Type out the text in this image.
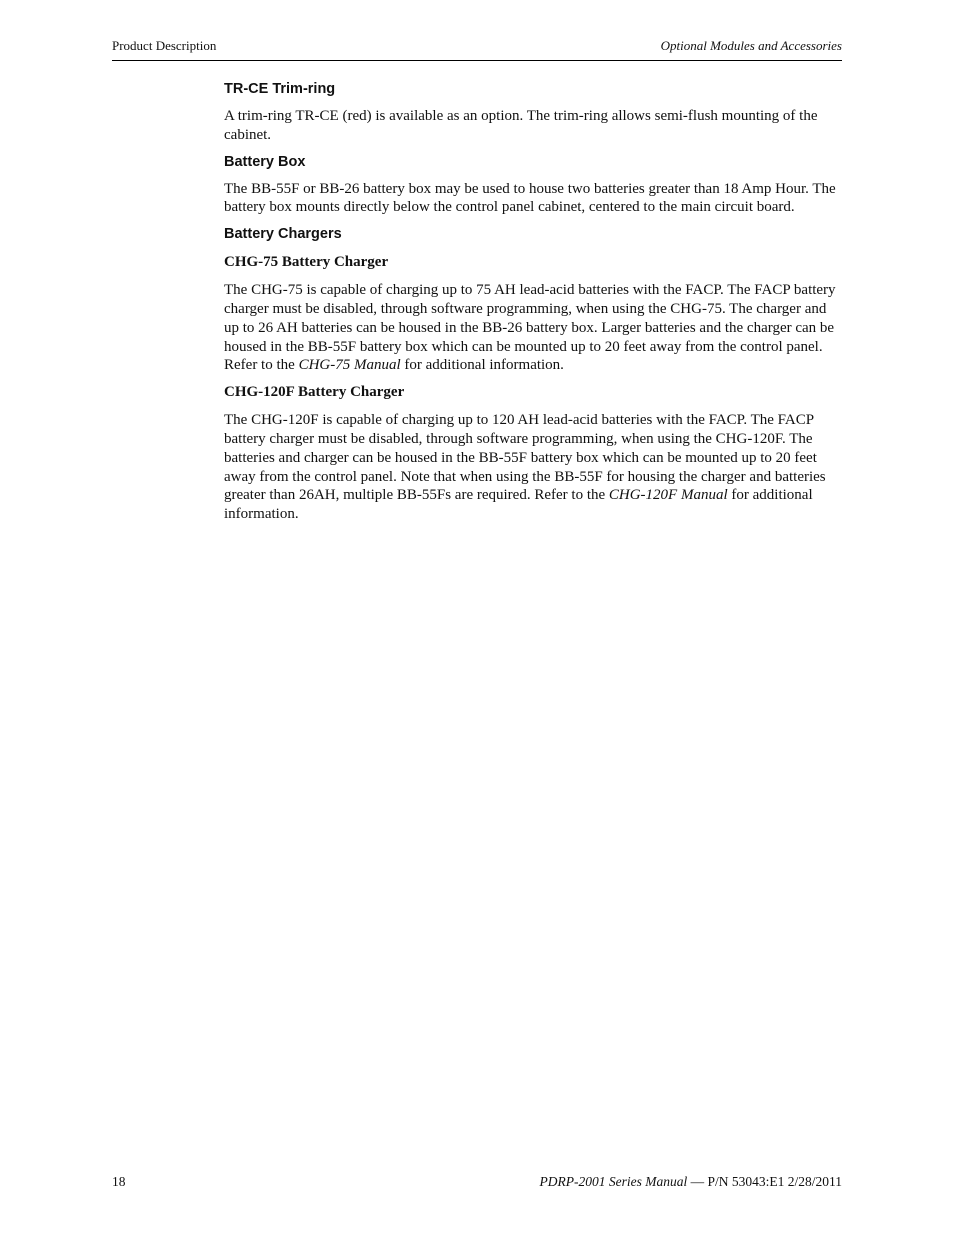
Product Description	Optional Modules and Accessories
TR-CE Trim-ring

A trim-ring TR-CE (red) is available as an option. The trim-ring allows semi-flush mounting of the cabinet.

Battery Box

The BB-55F or BB-26 battery box may be used to house two batteries greater than 18 Amp Hour. The battery box mounts directly below the control panel cabinet, centered to the main circuit board.

Battery Chargers
CHG-75 Battery Charger

The CHG-75 is capable of charging up to 75 AH lead-acid batteries with the FACP. The FACP battery charger must be disabled, through software programming, when using the CHG-75. The charger and up to 26 AH batteries can be housed in the BB-26 battery box. Larger batteries and the charger can be housed in the BB-55F battery box which can be mounted up to 20 feet away from the control panel. Refer to the CHG-75 Manual for additional information.

CHG-120F Battery Charger

The CHG-120F is capable of charging up to 120 AH lead-acid batteries with the FACP. The FACP battery charger must be disabled, through software programming, when using the CHG-120F. The batteries and charger can be housed in the BB-55F battery box which can be mounted up to 20 feet away from the control panel. Note that when using the BB-55F for housing the charger and batteries greater than 26AH, multiple BB-55Fs are required. Refer to the CHG-120F Manual for additional information.

18	PDRP-2001 Series Manual — P/N 53043:E1 2/28/2011
